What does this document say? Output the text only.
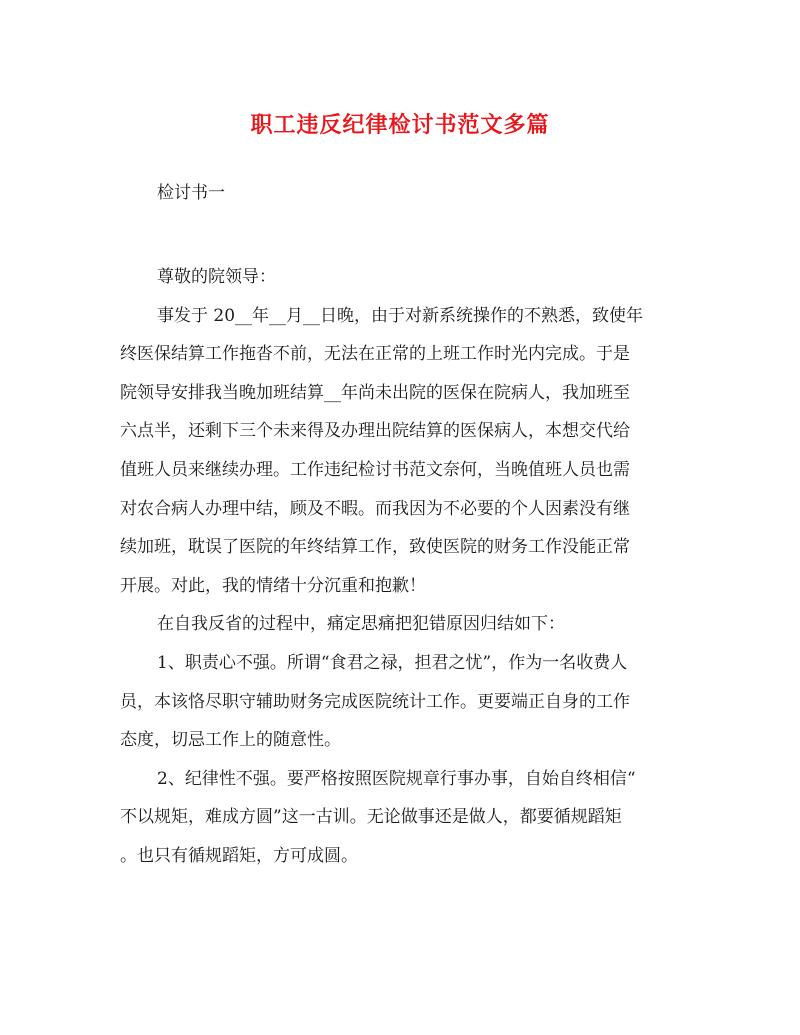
职工违反纪律检讨书范文多篇
检讨书一
尊敬的院领导：
事发于 20__年__月__日晚，由于对新系统操作的不熟悉，致使年
终医保结算工作拖沓不前，无法在正常的上班工作时光内完成。于是
院领导安排我当晚加班结算__年尚未出院的医保在院病人，我加班至
六点半，还剩下三个未来得及办理出院结算的医保病人，本想交代给
值班人员来继续办理。工作违纪检讨书范文奈何，当晚值班人员也需
对农合病人办理中结，顾及不暇。而我因为不必要的个人因素没有继
续加班，耽误了医院的年终结算工作，致使医院的财务工作没能正常
开展。对此，我的情绪十分沉重和抱歉！
在自我反省的过程中，痛定思痛把犯错原因归结如下：
1、职责心不强。所谓“食君之禄，担君之忧”，作为一名收费人
员，本该恪尽职守辅助财务完成医院统计工作。更要端正自身的工作
态度，切忌工作上的随意性。
2、纪律性不强。要严格按照医院规章行事办事，自始自终相信“
不以规矩，难成方圆”这一古训。无论做事还是做人，都要循规蹈矩
。也只有循规蹈矩，方可成圆。
